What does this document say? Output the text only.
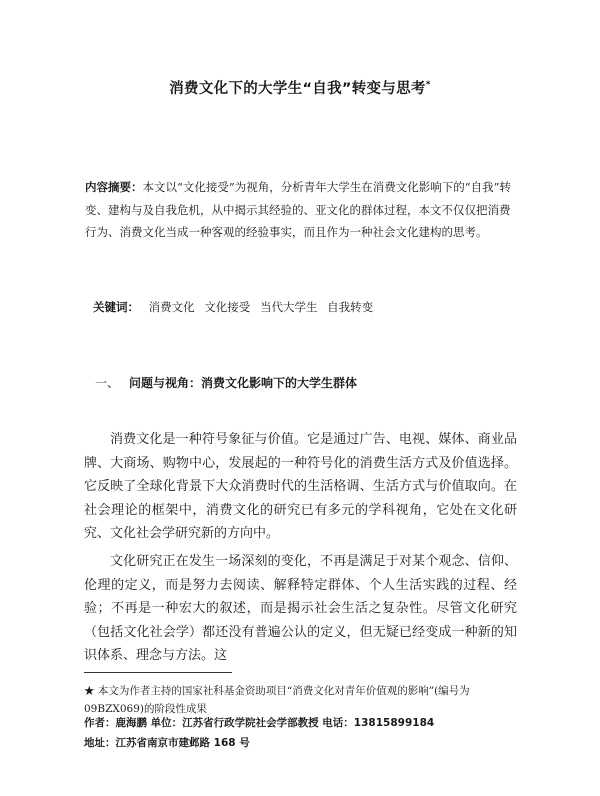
消费文化下的大学生“自我”转变与思考*
内容摘要：本文以“文化接受”为视角，分析青年大学生在消费文化影响下的“自我”转变、建构与及自我危机，从中揭示其经验的、亚文化的群体过程，本文不仅仅把消费行为、消费文化当成一种客观的经验事实，而且作为一种社会文化建构的思考。
关键词： 消费文化 文化接受 当代大学生 自我转变
一、 问题与视角：消费文化影响下的大学生群体

消费文化是一种符号象征与价值。它是通过广告、电视、媒体、商业品牌、大商场、购物中心，发展起的一种符号化的消费生活方式及价值选择。它反映了全球化背景下大众消费时代的生活格调、生活方式与价值取向。在社会理论的框架中，消费文化的研究已有多元的学科视角，它处在文化研究、文化社会学研究新的方向中。

文化研究正在发生一场深刻的变化，不再是满足于对某个观念、信仰、伦理的定义，而是努力去阅读、解释特定群体、个人生活实践的过程、经验；不再是一种宏大的叙述，而是揭示社会生活之复杂性。尽管文化研究（包括文化社会学）都还没有普遍公认的定义，但无疑已经变成一种新的知识体系、理念与方法。这

★ 本文为作者主持的国家社科基金资助项目“消费文化对青年价值观的影响”(编号为09BZX069)的阶段性成果
作者：鹿海鹏 单位：江苏省行政学院社会学部教授 电话：13815899184
地址：江苏省南京市建邺路 168 号
